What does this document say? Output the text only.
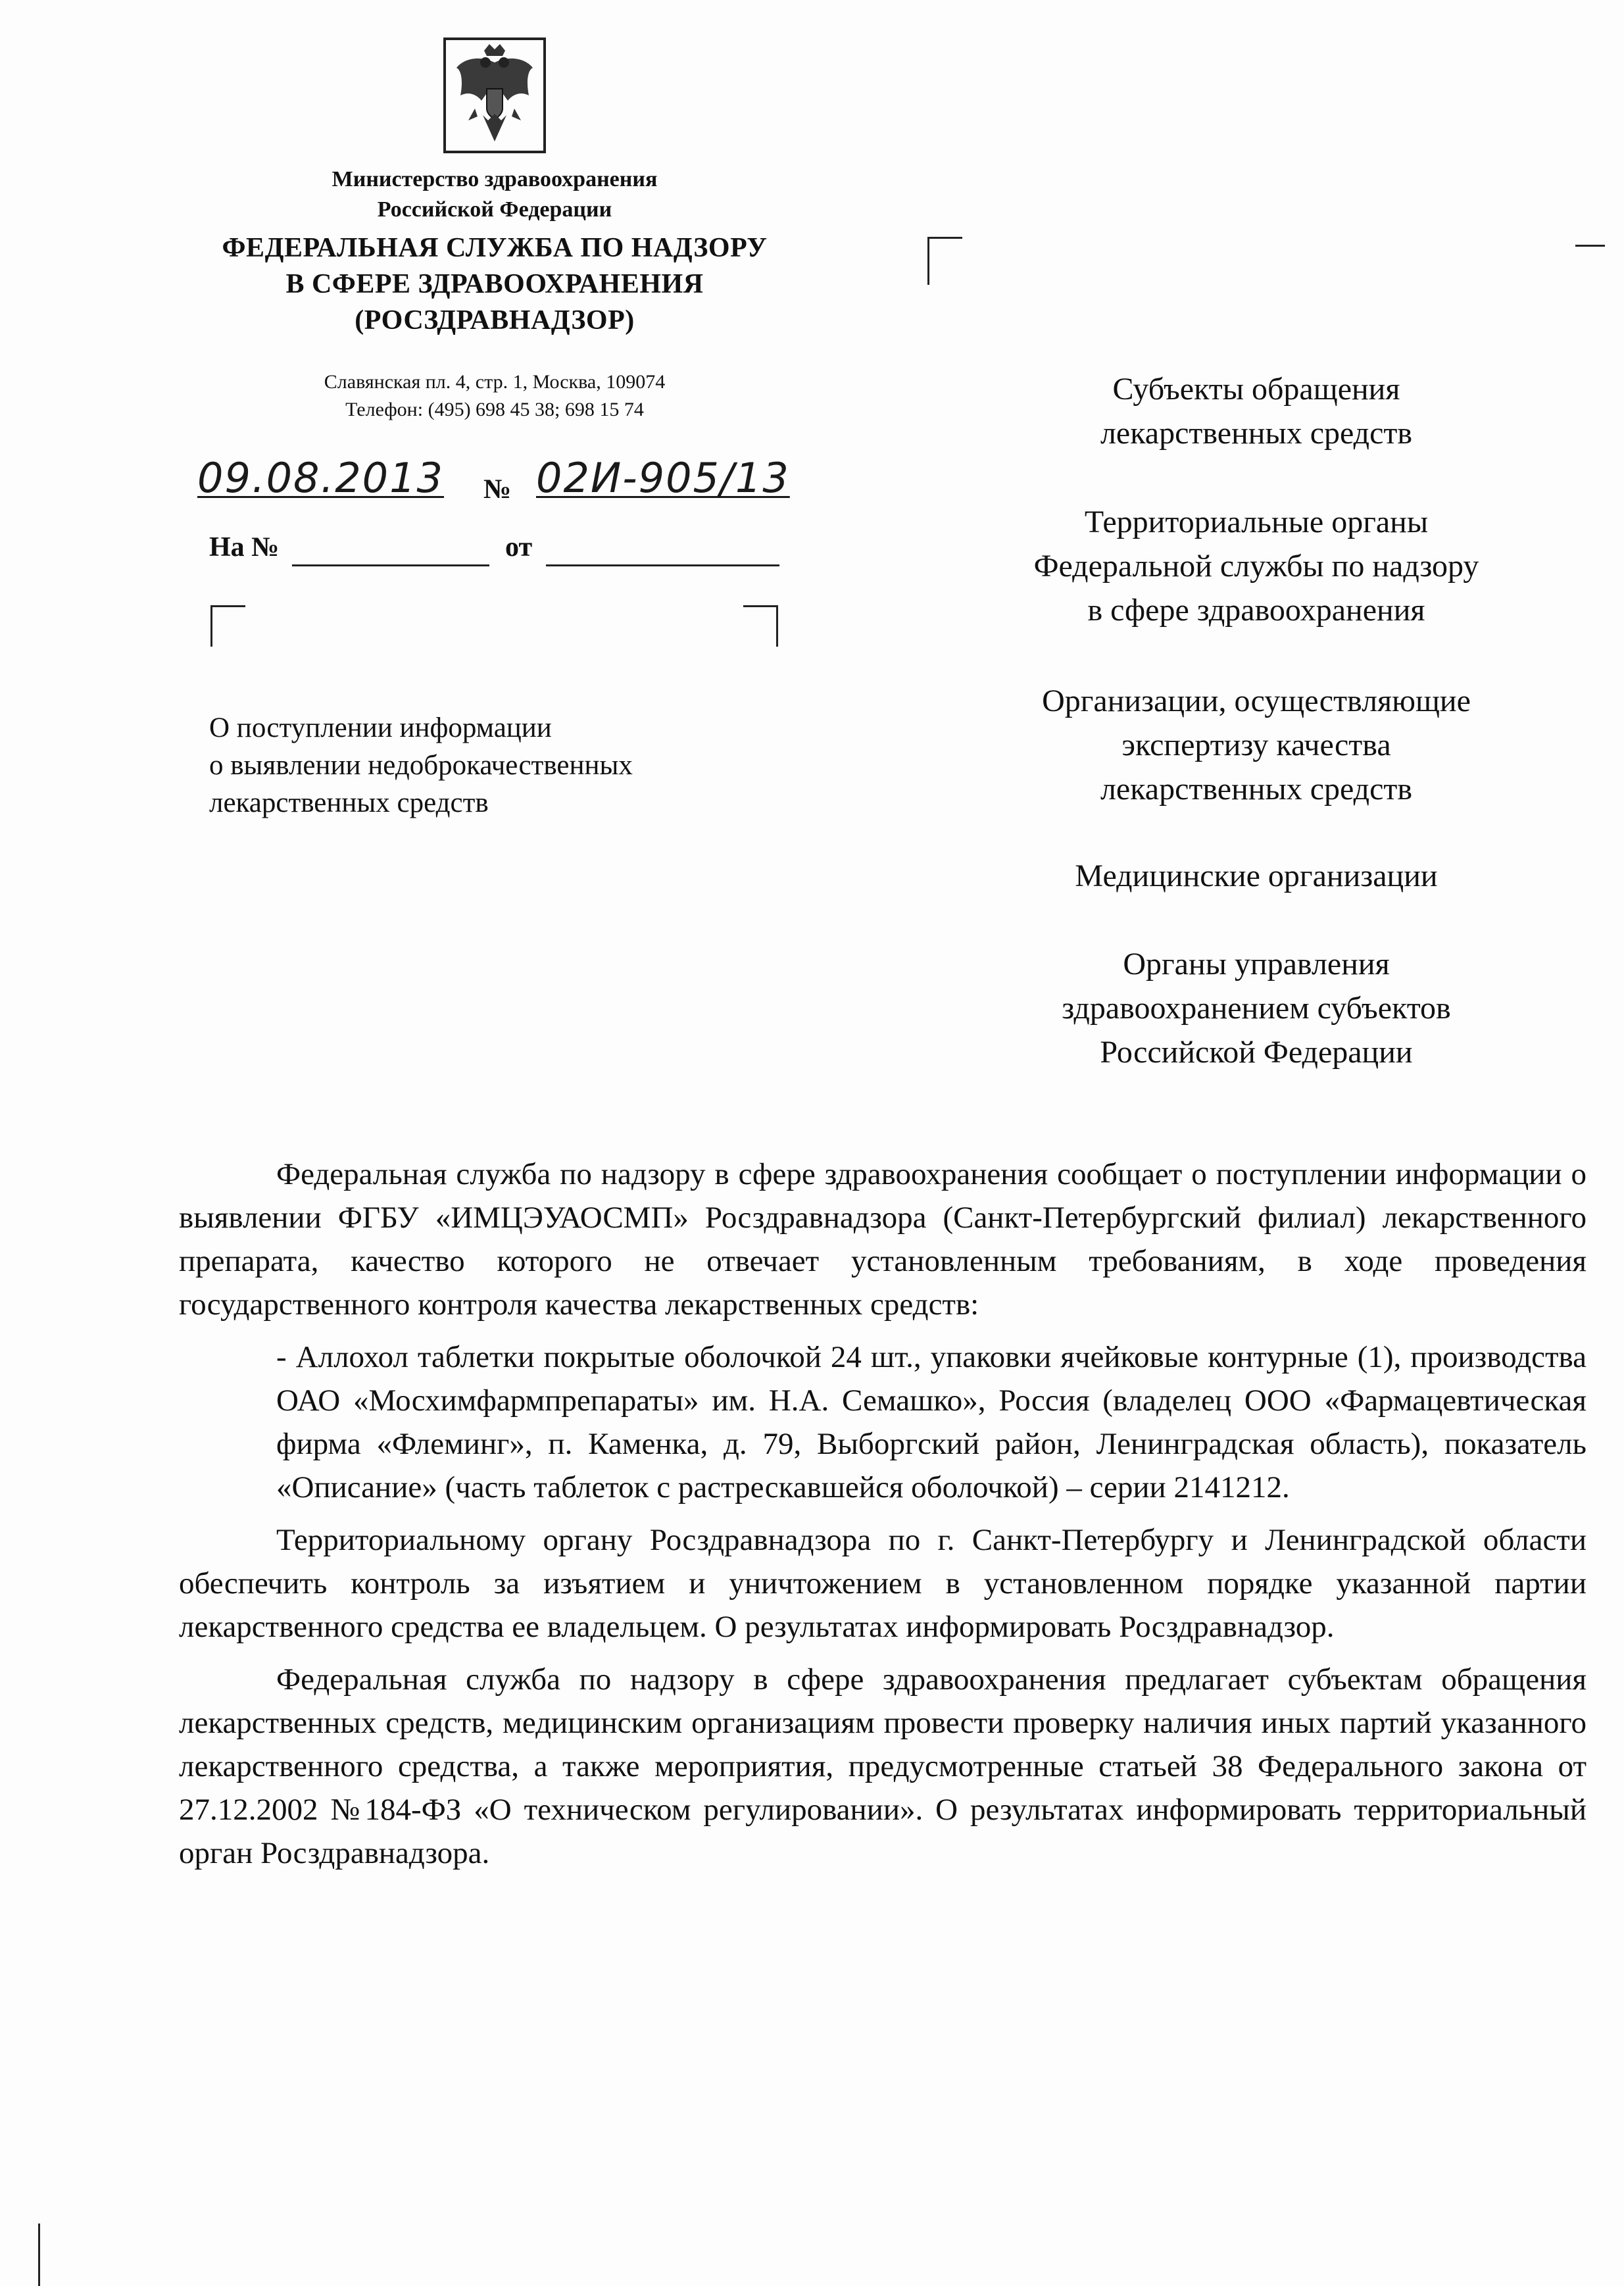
Министерство здравоохранения
Российской Федерации
ФЕДЕРАЛЬНАЯ СЛУЖБА ПО НАДЗОРУ
В СФЕРЕ ЗДРАВООХРАНЕНИЯ
(РОСЗДРАВНАДЗОР)
Славянская пл. 4, стр. 1, Москва, 109074
Телефон: (495) 698 45 38; 698 15 74
09.08.2013 № 02И-905/13
На №	от
О поступлении информации
о выявлении недоброкачественных
лекарственных средств
Субъекты обращения
лекарственных средств
Территориальные органы
Федеральной службы по надзору
в сфере здравоохранения
Организации, осуществляющие
экспертизу качества
лекарственных средств
Медицинские организации
Органы управления
здравоохранением субъектов
Российской Федерации

Федеральная служба по надзору в сфере здравоохранения сообщает о поступлении информации о выявлении ФГБУ «ИМЦЭУАОСМП» Росздравнадзора (Санкт-Петербургский филиал) лекарственного препарата, качество которого не отвечает установленным требованиям, в ходе проведения государственного контроля качества лекарственных средств:

- Аллохол таблетки покрытые оболочкой 24 шт., упаковки ячейковые контурные (1), производства ОАО «Мосхимфармпрепараты» им. Н.А. Семашко», Россия (владелец ООО «Фармацевтическая фирма «Флеминг», п. Каменка, д. 79, Выборгский район, Ленинградская область), показатель «Описание» (часть таблеток с растрескавшейся оболочкой) – серии 2141212.

Территориальному органу Росздравнадзора по г. Санкт-Петербургу и Ленинградской области обеспечить контроль за изъятием и уничтожением в установленном порядке указанной партии лекарственного средства ее владельцем. О результатах информировать Росздравнадзор.

Федеральная служба по надзору в сфере здравоохранения предлагает субъектам обращения лекарственных средств, медицинским организациям провести проверку наличия иных партий указанного лекарственного средства, а также мероприятия, предусмотренные статьей 38 Федерального закона от 27.12.2002 №184-ФЗ «О техническом регулировании». О результатах информировать территориальный орган Росздравнадзора.
